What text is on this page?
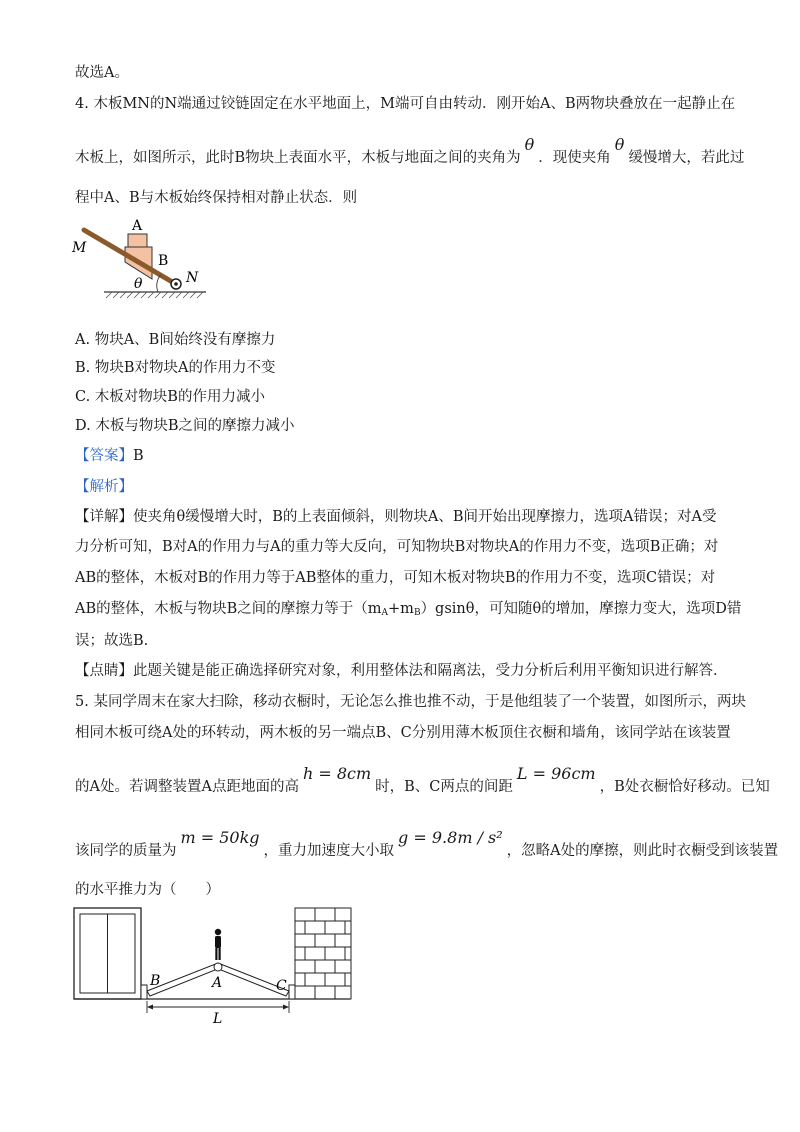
故选A。
4. 木板MN的N端通过铰链固定在水平地面上，M端可自由转动．刚开始A、B两物块叠放在一起静止在
木板上，如图所示，此时B物块上表面水平，木板与地面之间的夹角为θ．现使夹角θ缓慢增大，若此过
程中A、B与木板始终保持相对静止状态．则
A
B
M
N
θ
A. 物块A、B间始终没有摩擦力
B. 物块B对物块A的作用力不变
C. 木板对物块B的作用力减小
D. 木板与物块B之间的摩擦力减小
【答案】B
【解析】
【详解】使夹角θ缓慢增大时，B的上表面倾斜，则物块A、B间开始出现摩擦力，选项A错误；对A受
力分析可知，B对A的作用力与A的重力等大反向，可知物块B对物块A的作用力不变，选项B正确；对
AB的整体，木板对B的作用力等于AB整体的重力，可知木板对物块B的作用力不变，选项C错误；对
AB的整体，木板与物块B之间的摩擦力等于$(m_A+m_B)gsin\theta$，可知随θ的增加，摩擦力变大，选项D错
误；故选B.
【点睛】此题关键是能正确选择研究对象，利用整体法和隔离法，受力分析后利用平衡知识进行解答.
5. 某同学周末在家大扫除，移动衣橱时，无论怎么推也推不动，于是他组装了一个装置，如图所示，两块
相同木板可绕A处的环转动，两木板的另一端点B、C分别用薄木板顶住衣橱和墙角，该同学站在该装置
的A处。若调整装置A点距地面的高h = 8cm时，B、C两点的间距L = 96cm，B处衣橱恰好移动。已知
该同学的质量为m = 50kg，重力加速度大小取g = 9.8m / s²，忽略A处的摩擦，则此时衣橱受到该装置
的水平推力为（　　）
B	A	C
L
